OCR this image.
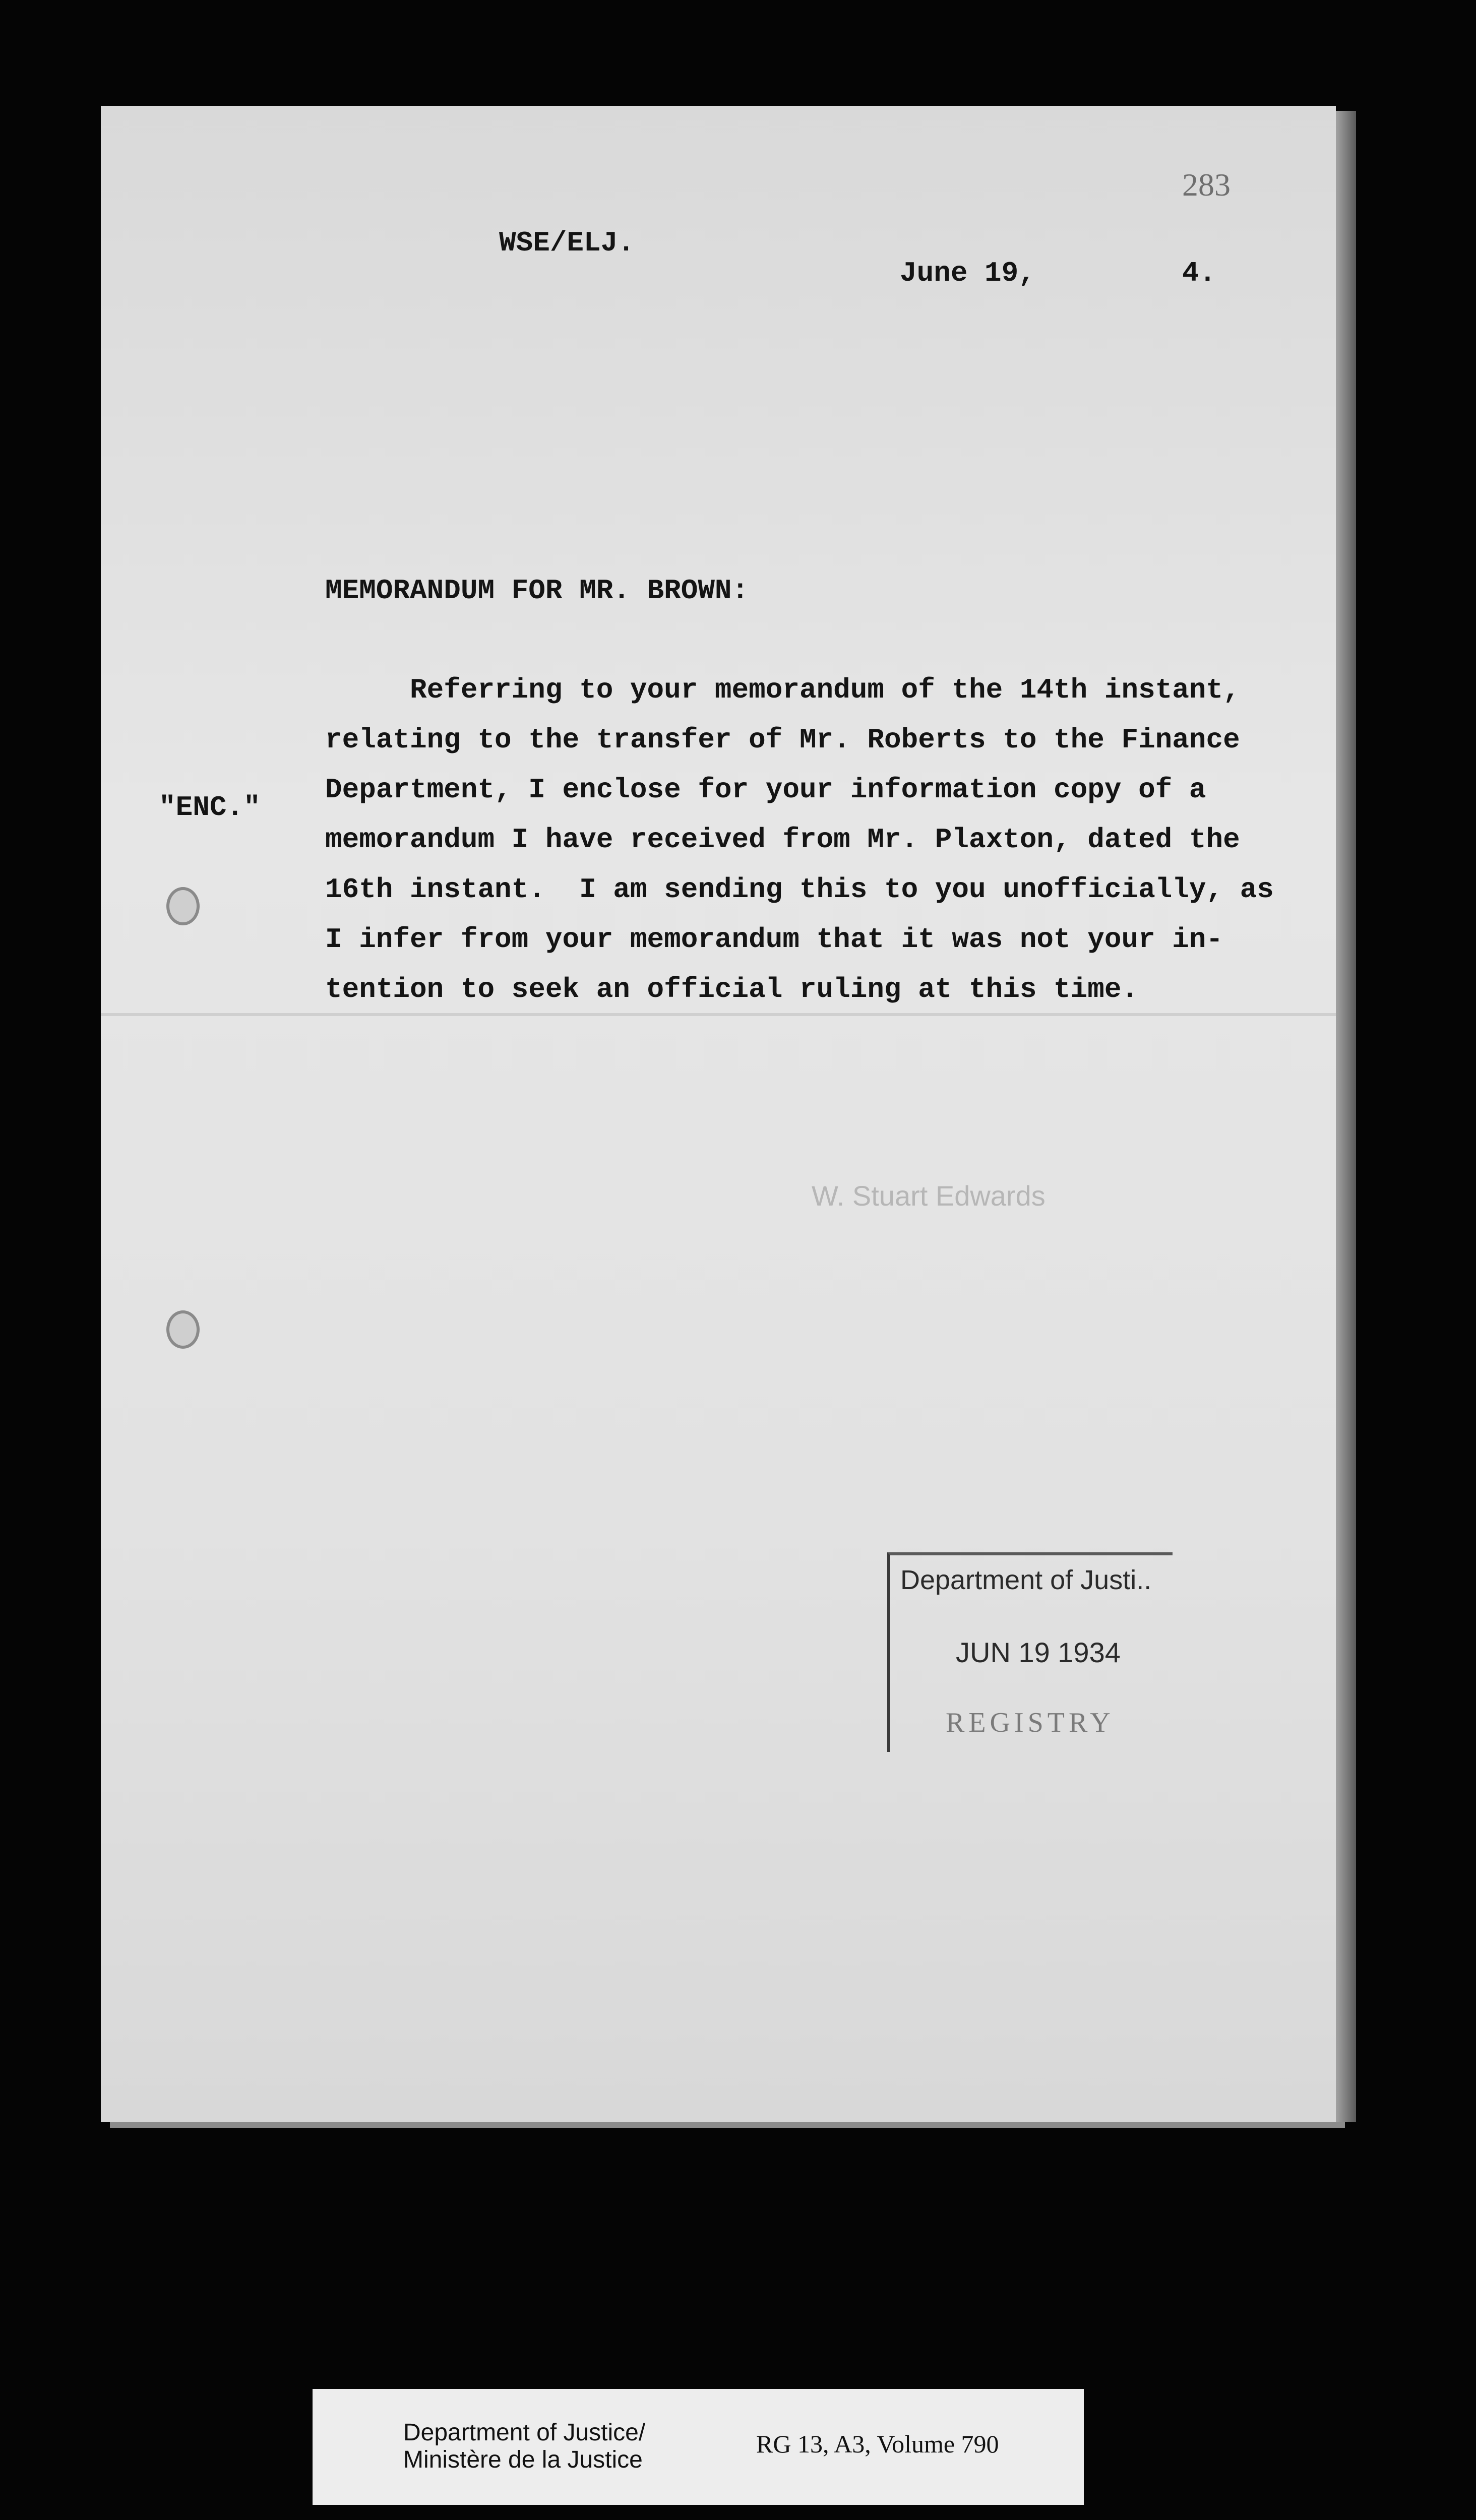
283
WSE/ELJ.
June 19,	4.
MEMORANDUM FOR MR. BROWN:
"ENC."
Referring to your memorandum of the 14th instant,
relating to the transfer of Mr. Roberts to the Finance
Department, I enclose for your information copy of a
memorandum I have received from Mr. Plaxton, dated the
16th instant.  I am sending this to you unofficially, as
I infer from your memorandum that it was not your in-
tention to seek an official ruling at this time.
W. Stuart Edwards
Department of Justi..
JUN 19 1934
REGISTRY
Department of Justice/
Ministère de la Justice
RG 13, A3, Volume 790
